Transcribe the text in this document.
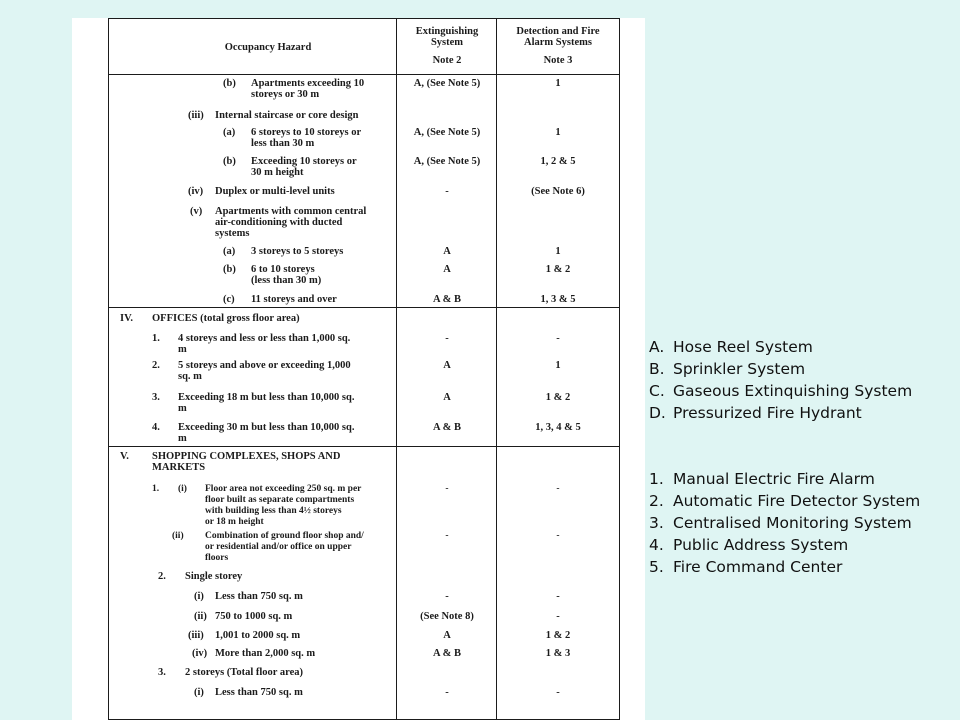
Occupancy Hazard
Extinguishing
System
Detection and Fire
Alarm Systems
Note 2	Note 3
(b) Apartments exceeding 10
storeys or 30 m
A, (See Note 5)	1
(iii) Internal staircase or core design
(a) 6 storeys to 10 storeys or
less than 30 m
A, (See Note 5)	1
(b) Exceeding 10 storeys or
30 m height
A, (See Note 5)	1, 2 & 5
(iv) Duplex or multi-level units	-	(See Note 6)
(v) Apartments with common central
air-conditioning with ducted
systems
(a) 3 storeys to 5 storeys	A	1
(b) 6 to 10 storeys
(less than 30 m)
A	1 & 2
(c) 11 storeys and over	A & B	1, 3 & 5
IV. OFFICES (total gross floor area)
1. 4 storeys and less or less than 1,000 sq.
m
-	-
2. 5 storeys and above or exceeding 1,000
sq. m
A	1
3. Exceeding 18 m but less than 10,000 sq.
m
A	1 & 2
4. Exceeding 30 m but less than 10,000 sq.
m
A & B	1, 3, 4 & 5
V. SHOPPING COMPLEXES, SHOPS AND
MARKETS
1. (i) Floor area not exceeding 250 sq. m per
floor built as separate compartments
with building less than 4½ storeys
or 18 m height
-	-
(ii) Combination of ground floor shop and/
or residential and/or office on upper
floors
-	-
2. Single storey
(i) Less than 750 sq. m	-	-
(ii) 750 to 1000 sq. m	(See Note 8)	-
(iii) 1,001 to 2000 sq. m	A	1 & 2
(iv) More than 2,000 sq. m	A & B	1 & 3
3. 2 storeys (Total floor area)
(i) Less than 750 sq. m	-	-
A. Hose Reel System
B. Sprinkler System
C. Gaseous Extinquishing System
D. Pressurized Fire Hydrant
1. Manual Electric Fire Alarm
2. Automatic Fire Detector System
3. Centralised Monitoring System
4. Public Address System
5. Fire Command Center
